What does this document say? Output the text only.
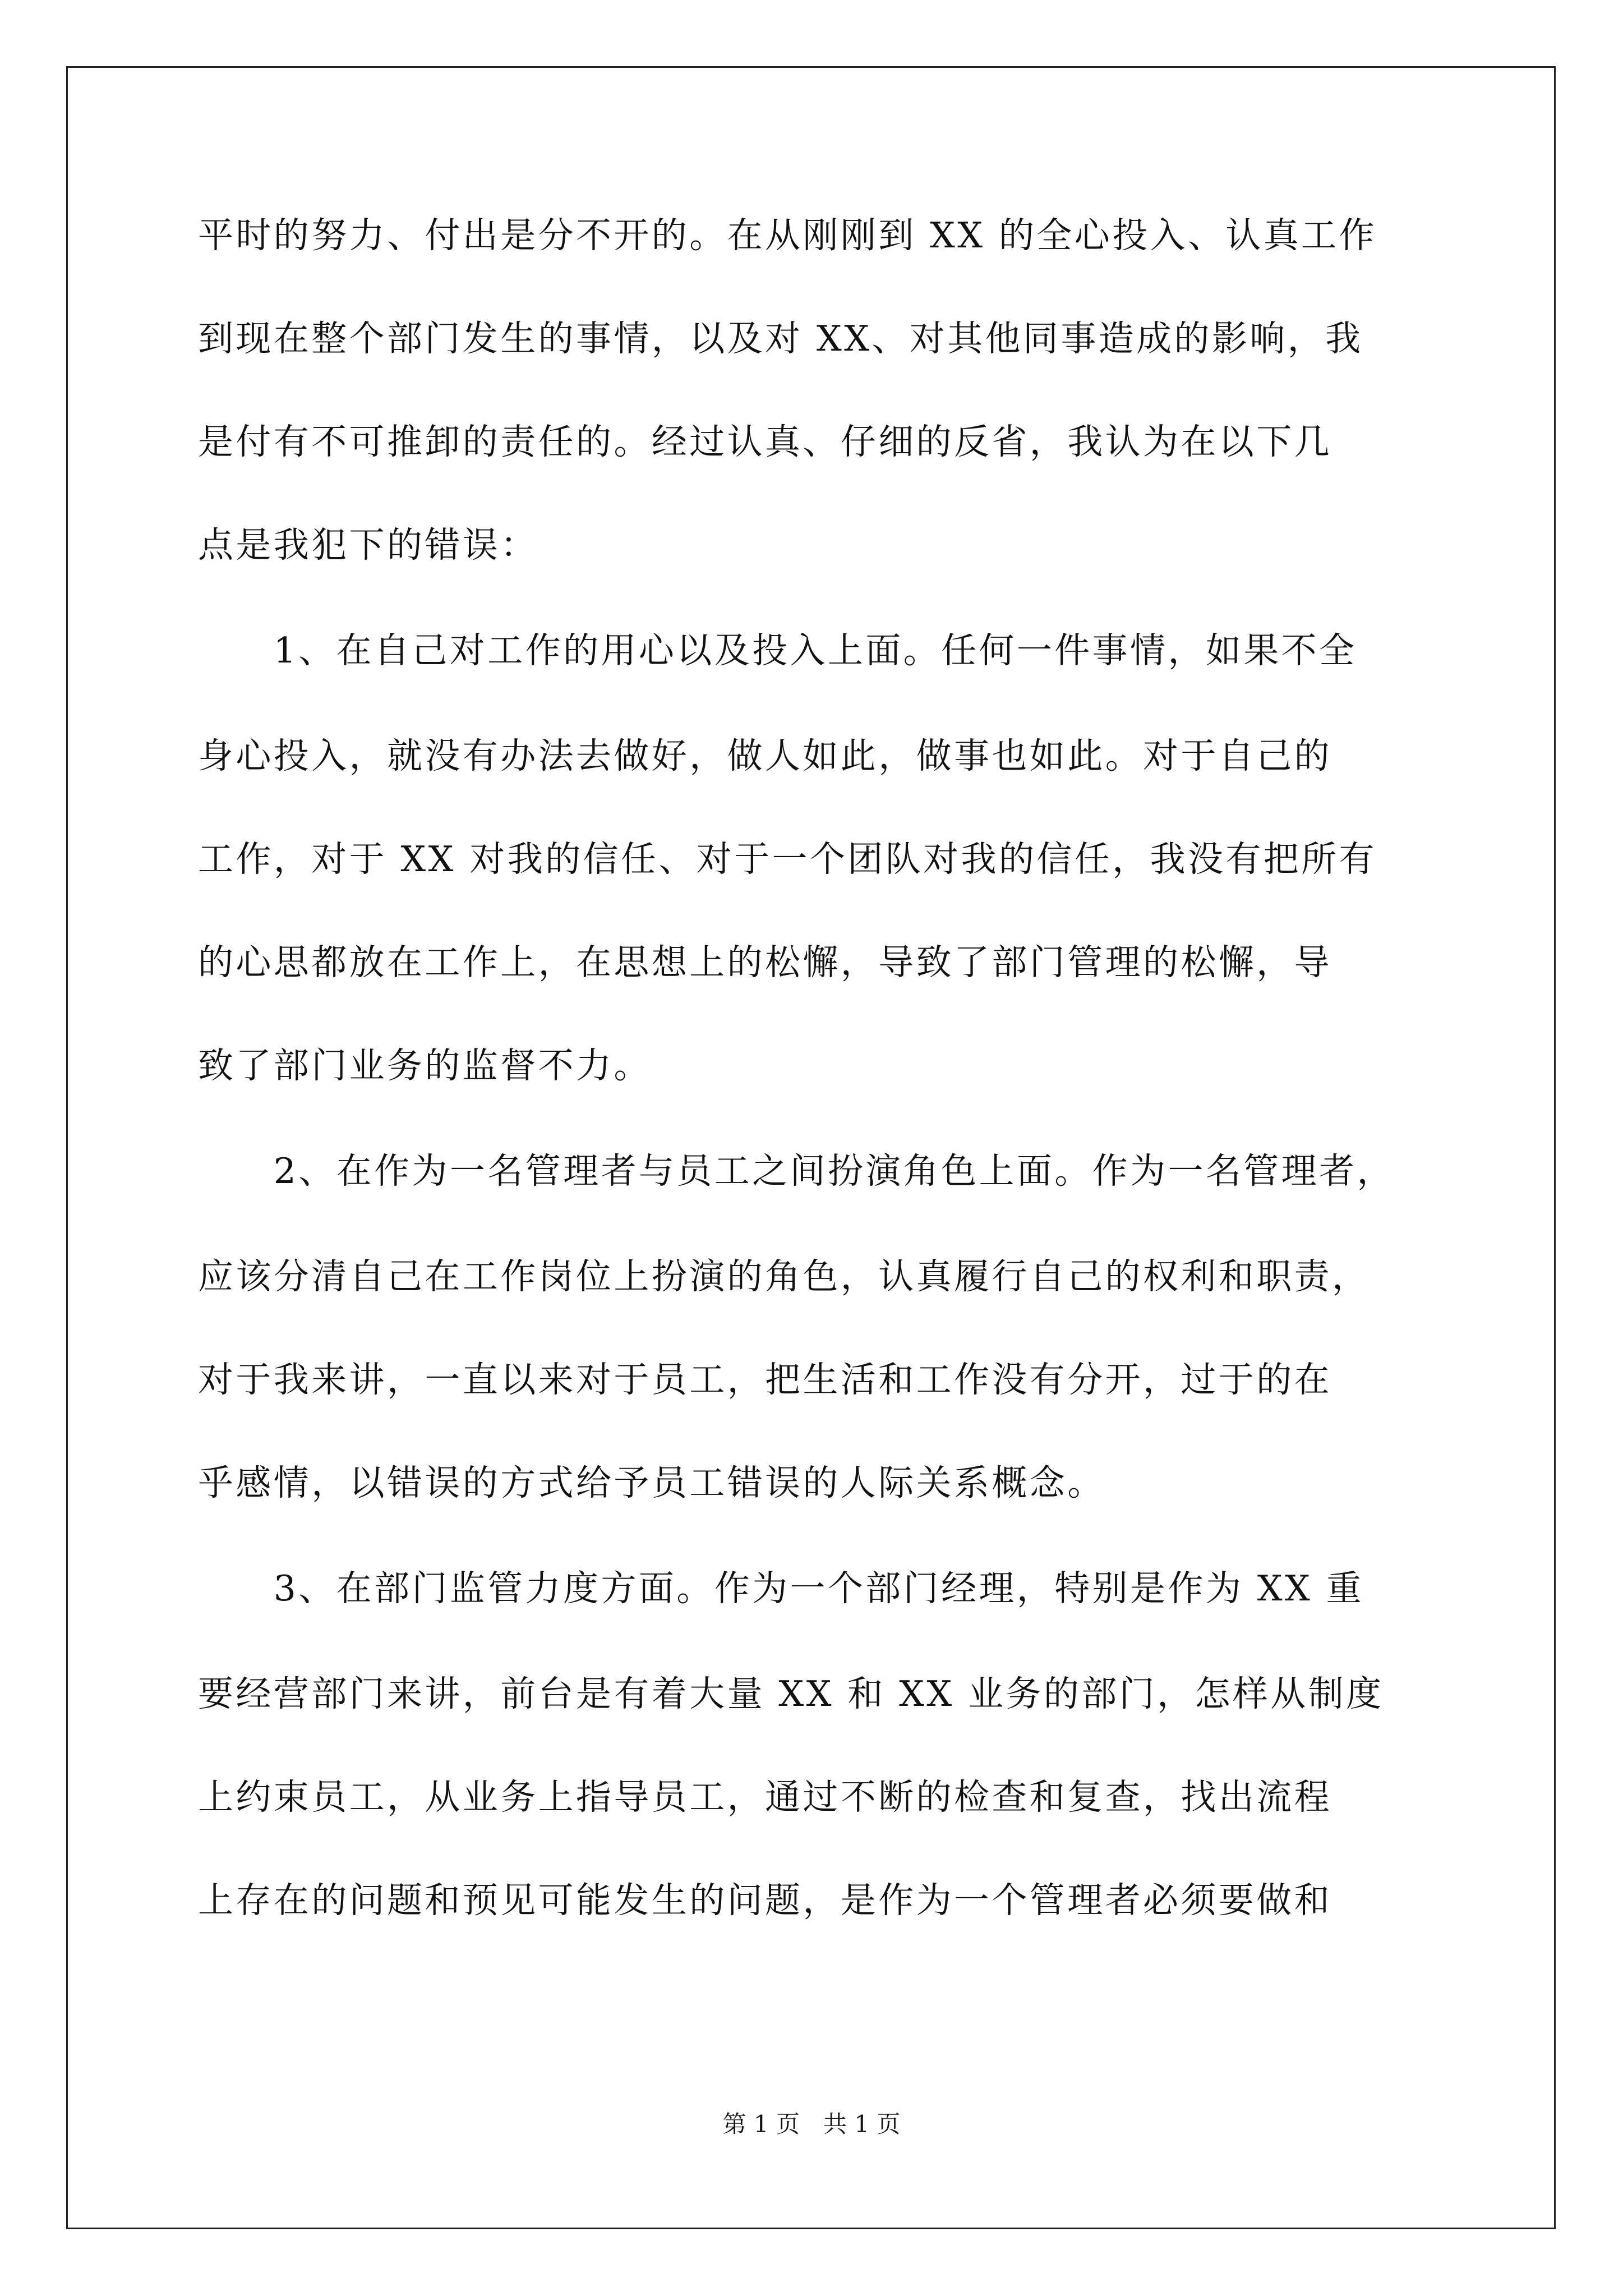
平时的努力、付出是分不开的。在从刚刚到 XX 的全心投入、认真工作
到现在整个部门发生的事情，以及对 XX、对其他同事造成的影响，我
是付有不可推卸的责任的。经过认真、仔细的反省，我认为在以下几
点是我犯下的错误：
　　1、在自己对工作的用心以及投入上面。任何一件事情，如果不全
身心投入，就没有办法去做好，做人如此，做事也如此。对于自己的
工作，对于 XX 对我的信任、对于一个团队对我的信任，我没有把所有
的心思都放在工作上，在思想上的松懈，导致了部门管理的松懈，导
致了部门业务的监督不力。
　　2、在作为一名管理者与员工之间扮演角色上面。作为一名管理者，
应该分清自己在工作岗位上扮演的角色，认真履行自己的权利和职责，
对于我来讲，一直以来对于员工，把生活和工作没有分开，过于的在
乎感情，以错误的方式给予员工错误的人际关系概念。
　　3、在部门监管力度方面。作为一个部门经理，特别是作为 XX 重
要经营部门来讲，前台是有着大量 XX 和 XX 业务的部门，怎样从制度
上约束员工，从业务上指导员工，通过不断的检查和复查，找出流程
上存在的问题和预见可能发生的问题，是作为一个管理者必须要做和
第 1 页　共 1 页
